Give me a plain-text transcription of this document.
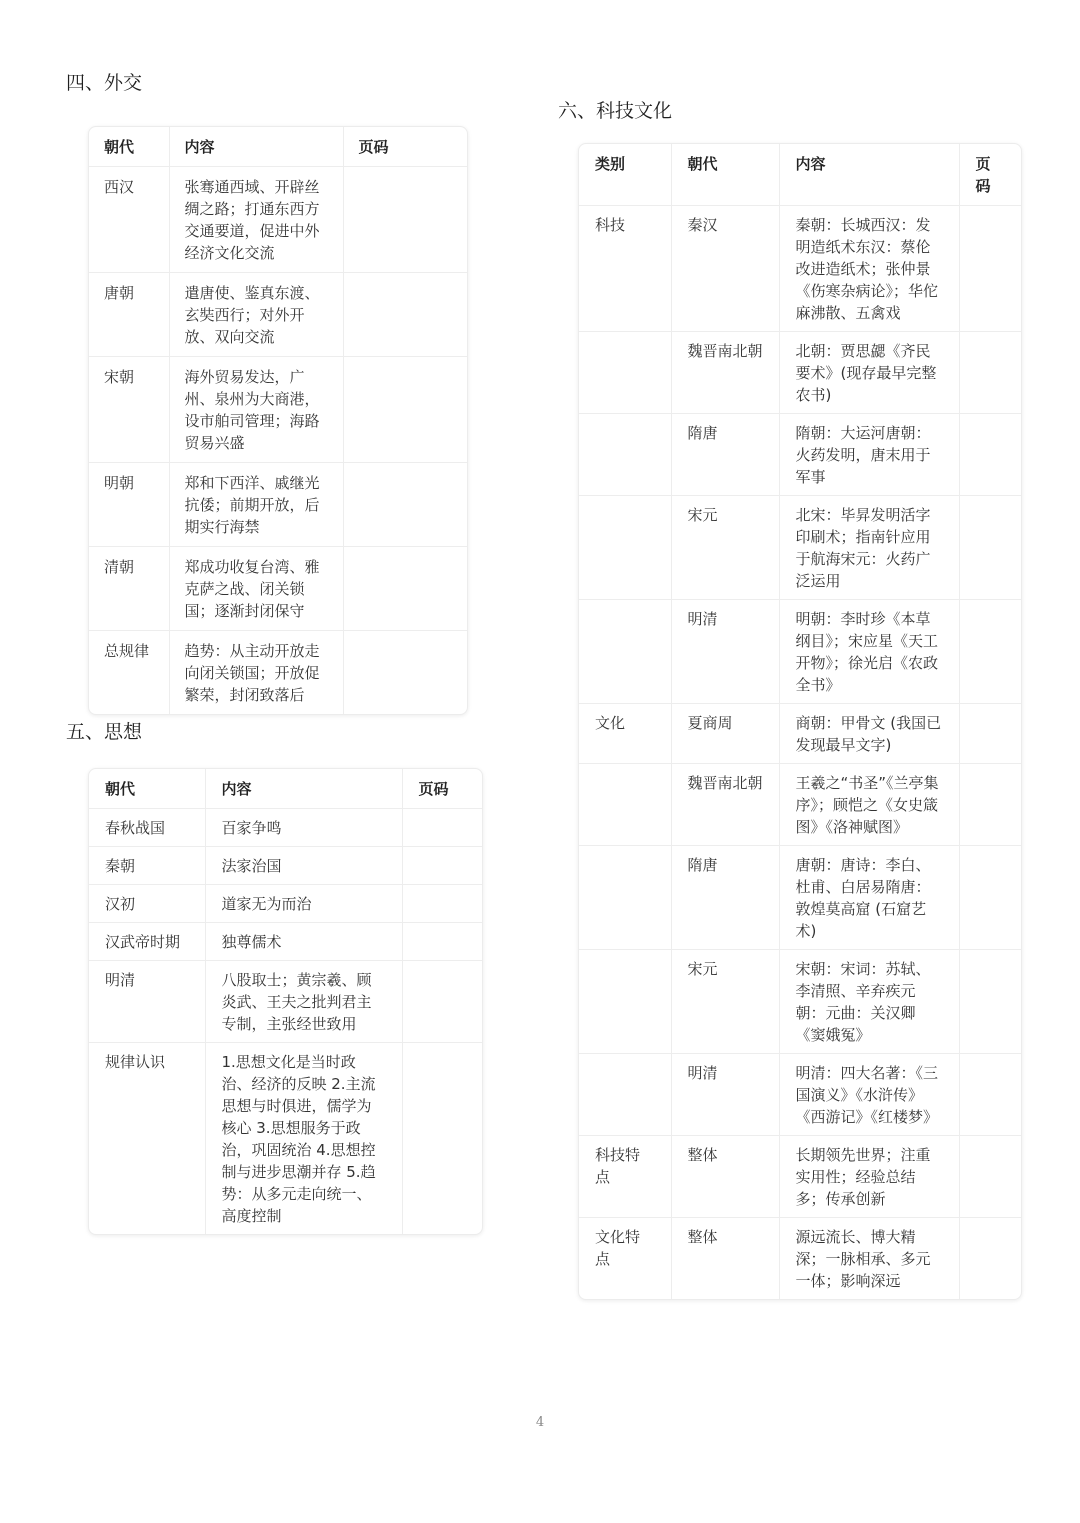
四、外交
朝代	内容	页码
西汉	张骞通西域、开辟丝绸之路；打通东西方交通要道，促进中外经济文化交流	
唐朝	遣唐使、鉴真东渡、玄奘西行；对外开放、双向交流	
宋朝	海外贸易发达，广州、泉州为大商港，设市舶司管理；海路贸易兴盛	
明朝	郑和下西洋、戚继光抗倭；前期开放，后期实行海禁	
清朝	郑成功收复台湾、雅克萨之战、闭关锁国；逐渐封闭保守	
总规律	趋势：从主动开放走向闭关锁国；开放促繁荣，封闭致落后	
五、思想
朝代	内容	页码
春秋战国	百家争鸣	
秦朝	法家治国	
汉初	道家无为而治	
汉武帝时期	独尊儒术	
明清	八股取士；黄宗羲、顾炎武、王夫之批判君主专制，主张经世致用	
规律认识	1.思想文化是当时政治、经济的反映 2.主流思想与时俱进，儒学为核心 3.思想服务于政治，巩固统治 4.思想控制与进步思潮并存 5.趋势：从多元走向统一、高度控制	
六、科技文化
类别	朝代	内容	页码
科技	秦汉	秦朝：长城西汉：发明造纸术东汉：蔡伦改进造纸术；张仲景《伤寒杂病论》；华佗麻沸散、五禽戏	
	魏晋南北朝	北朝：贾思勰《齐民要术》(现存最早完整农书)	
	隋唐	隋朝：大运河唐朝：火药发明，唐末用于军事	
	宋元	北宋：毕昇发明活字印刷术；指南针应用于航海宋元：火药广泛运用	
	明清	明朝：李时珍《本草纲目》；宋应星《天工开物》；徐光启《农政全书》	
文化	夏商周	商朝：甲骨文 (我国已发现最早文字)	
	魏晋南北朝	王羲之“书圣”《兰亭集序》；顾恺之《女史箴图》《洛神赋图》	
	隋唐	唐朝：唐诗：李白、杜甫、白居易隋唐：敦煌莫高窟 (石窟艺术)	
	宋元	宋朝：宋词：苏轼、李清照、辛弃疾元朝：元曲：关汉卿《窦娥冤》	
	明清	明清：四大名著：《三国演义》《水浒传》《西游记》《红楼梦》	
科技特点	整体	长期领先世界；注重实用性；经验总结多；传承创新	
文化特点	整体	源远流长、博大精深；一脉相承、多元一体；影响深远	
4
